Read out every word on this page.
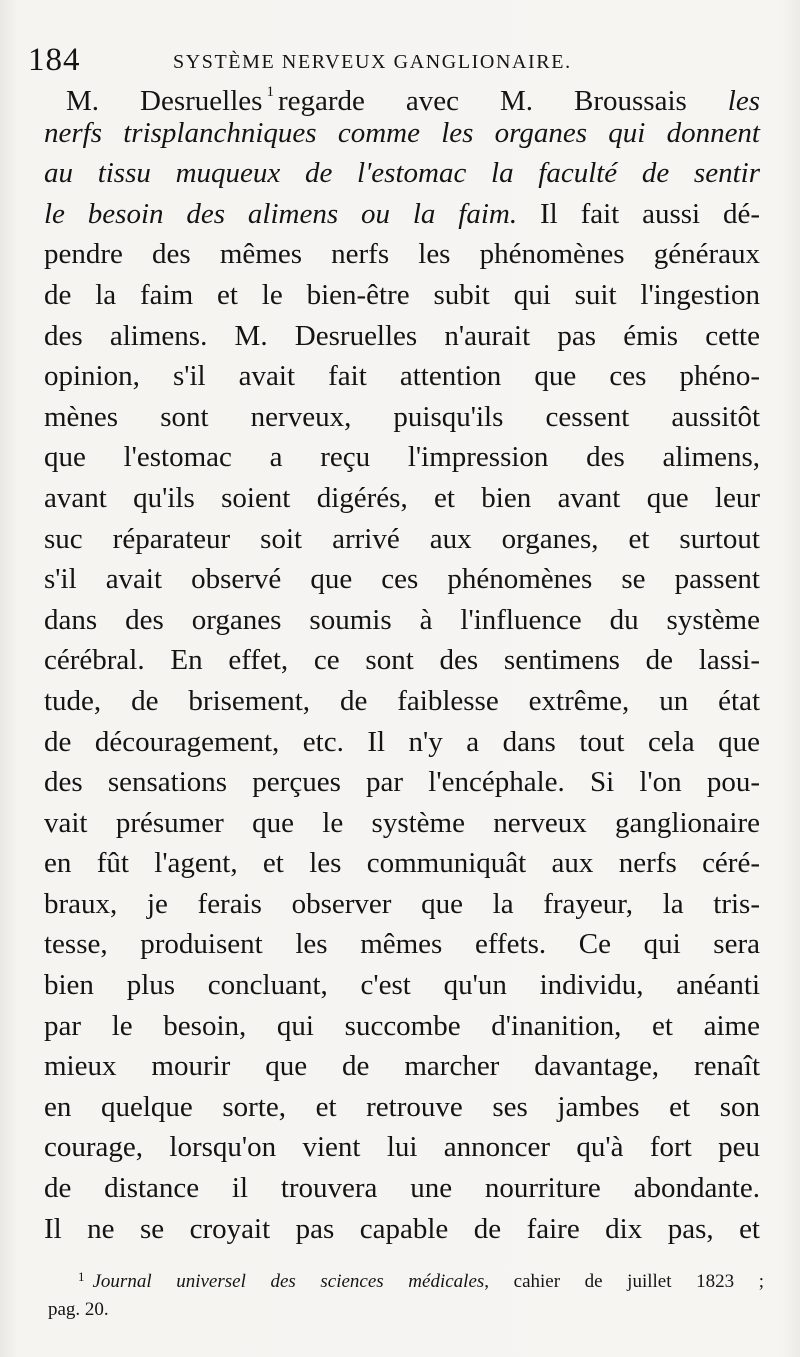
184	SYSTÈME NERVEUX GANGLIONAIRE.
M. Desruelles $^1$ regarde avec M. Broussais les
nerfs trisplanchniques comme les organes qui donnent
au tissu muqueux de l'estomac la faculté de sentir
le besoin des alimens ou la faim. Il fait aussi dé-
pendre des mêmes nerfs les phénomènes généraux
de la faim et le bien-être subit qui suit l'ingestion
des alimens. M. Desruelles n'aurait pas émis cette
opinion, s'il avait fait attention que ces phéno-
mènes sont nerveux, puisqu'ils cessent aussitôt
que l'estomac a reçu l'impression des alimens,
avant qu'ils soient digérés, et bien avant que leur
suc réparateur soit arrivé aux organes, et surtout
s'il avait observé que ces phénomènes se passent
dans des organes soumis à l'influence du système
cérébral. En effet, ce sont des sentimens de lassi-
tude, de brisement, de faiblesse extrême, un état
de découragement, etc. Il n'y a dans tout cela que
des sensations perçues par l'encéphale. Si l'on pou-
vait présumer que le système nerveux ganglionaire
en fût l'agent, et les communiquât aux nerfs céré-
braux, je ferais observer que la frayeur, la tris-
tesse, produisent les mêmes effets. Ce qui sera
bien plus concluant, c'est qu'un individu, anéanti
par le besoin, qui succombe d'inanition, et aime
mieux mourir que de marcher davantage, renaît
en quelque sorte, et retrouve ses jambes et son
courage, lorsqu'on vient lui annoncer qu'à fort peu
de distance il trouvera une nourriture abondante.
Il ne se croyait pas capable de faire dix pas, et
$^1$ Journal universel des sciences médicales, cahier de juillet 1823 ;
pag. 20.
